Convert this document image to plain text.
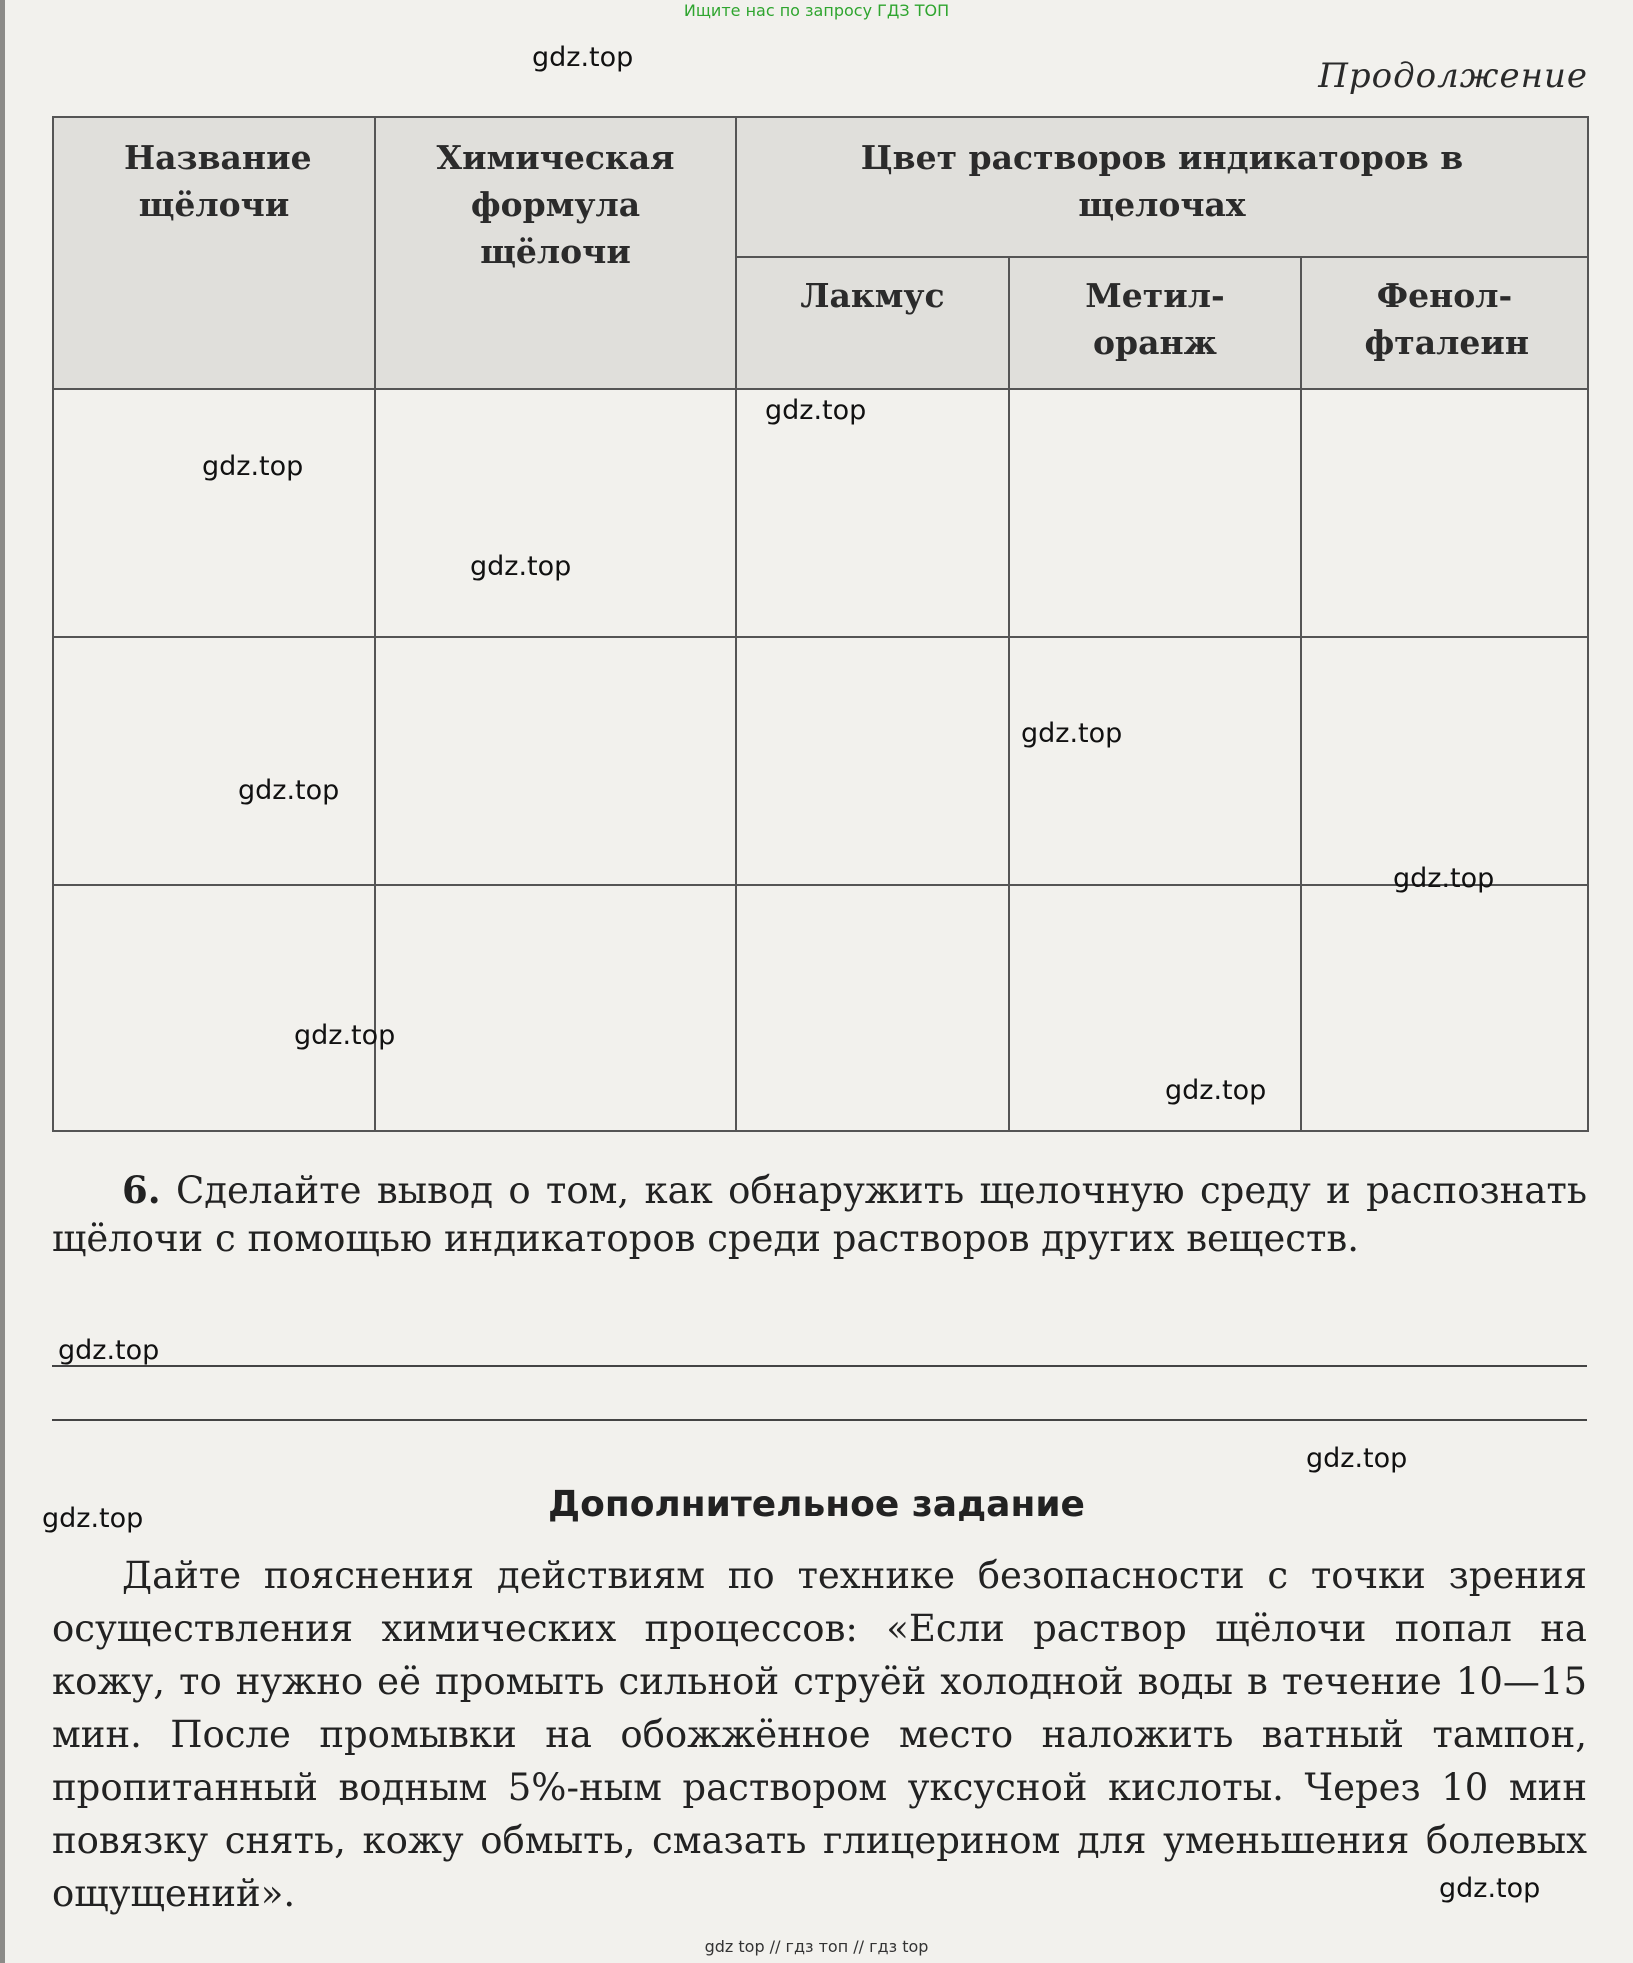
Ищите нас по запросу ГДЗ ТОП
Продолжение
Название щёлочи	Химическая формула щёлочи	Цвет растворов индикаторов в щелочах		

		Лакмус	Метил-оранж	Фенол-фталеин

6. Сделайте вывод о том, как обнаружить щелочную среду и распознать щёлочи с помощью индикаторов среди растворов других веществ.
Дополнительное задание
Дайте пояснения действиям по технике безопасности с точки зрения осуществления химических процессов: «Если раствор щёлочи попал на кожу, то нужно её промыть сильной струёй холодной воды в течение 10—15 мин. После промывки на обожжённое место наложить ватный тампон, пропитанный водным 5%-ным раствором уксусной кислоты. Через 10 мин повязку снять, кожу обмыть, смазать глицерином для уменьшения болевых ощущений».
gdz.top
gdz.top
gdz.top
gdz.top
gdz.top
gdz.top
gdz.top
gdz.top
gdz.top
gdz.top
gdz.top
gdz.top
gdz.top
gdz top // гдз топ // гдз top
